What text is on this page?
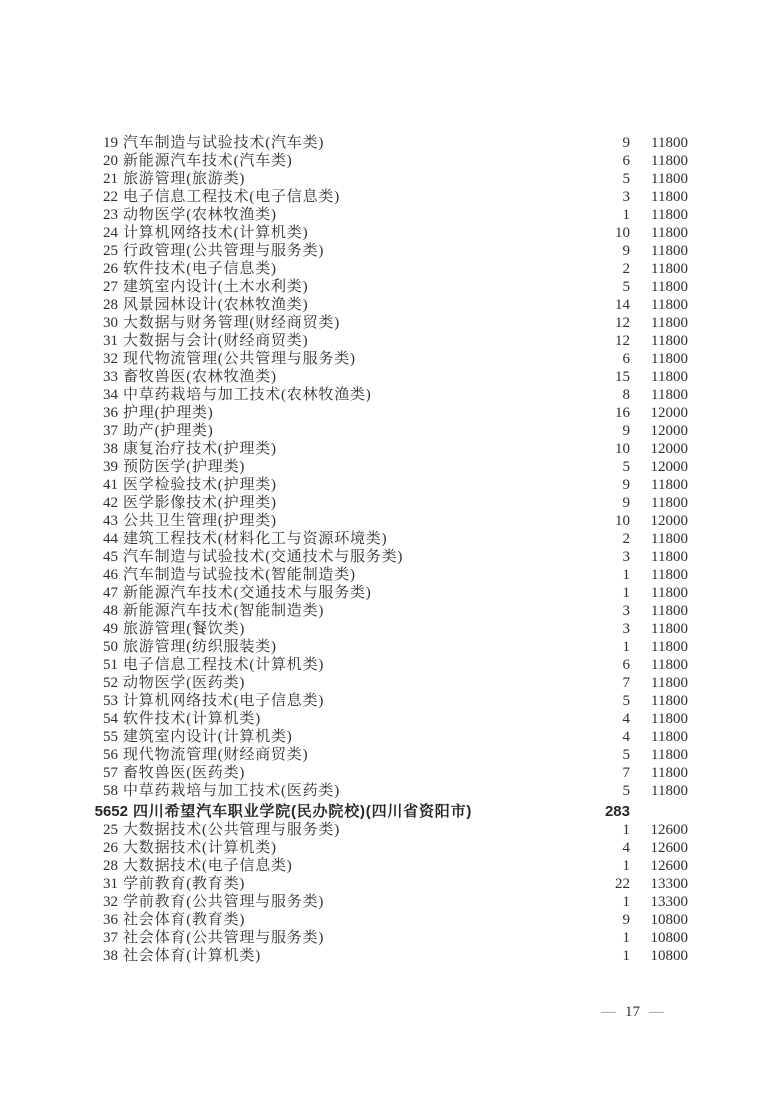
19 汽车制造与试验技术(汽车类)	9	11800
20 新能源汽车技术(汽车类)	6	11800
21 旅游管理(旅游类)	5	11800
22 电子信息工程技术(电子信息类)	3	11800
23 动物医学(农林牧渔类)	1	11800
24 计算机网络技术(计算机类)	10	11800
25 行政管理(公共管理与服务类)	9	11800
26 软件技术(电子信息类)	2	11800
27 建筑室内设计(土木水利类)	5	11800
28 风景园林设计(农林牧渔类)	14	11800
30 大数据与财务管理(财经商贸类)	12	11800
31 大数据与会计(财经商贸类)	12	11800
32 现代物流管理(公共管理与服务类)	6	11800
33 畜牧兽医(农林牧渔类)	15	11800
34 中草药栽培与加工技术(农林牧渔类)	8	11800
36 护理(护理类)	16	12000
37 助产(护理类)	9	12000
38 康复治疗技术(护理类)	10	12000
39 预防医学(护理类)	5	12000
41 医学检验技术(护理类)	9	11800
42 医学影像技术(护理类)	9	11800
43 公共卫生管理(护理类)	10	12000
44 建筑工程技术(材料化工与资源环境类)	2	11800
45 汽车制造与试验技术(交通技术与服务类)	3	11800
46 汽车制造与试验技术(智能制造类)	1	11800
47 新能源汽车技术(交通技术与服务类)	1	11800
48 新能源汽车技术(智能制造类)	3	11800
49 旅游管理(餐饮类)	3	11800
50 旅游管理(纺织服装类)	1	11800
51 电子信息工程技术(计算机类)	6	11800
52 动物医学(医药类)	7	11800
53 计算机网络技术(电子信息类)	5	11800
54 软件技术(计算机类)	4	11800
55 建筑室内设计(计算机类)	4	11800
56 现代物流管理(财经商贸类)	5	11800
57 畜牧兽医(医药类)	7	11800
58 中草药栽培与加工技术(医药类)	5	11800
5652 四川希望汽车职业学院(民办院校)(四川省资阳市)	283
25 大数据技术(公共管理与服务类)	1	12600
26 大数据技术(计算机类)	4	12600
28 大数据技术(电子信息类)	1	12600
31 学前教育(教育类)	22	13300
32 学前教育(公共管理与服务类)	1	13300
36 社会体育(教育类)	9	10800
37 社会体育(公共管理与服务类)	1	10800
38 社会体育(计算机类)	1	10800
— 17 —
